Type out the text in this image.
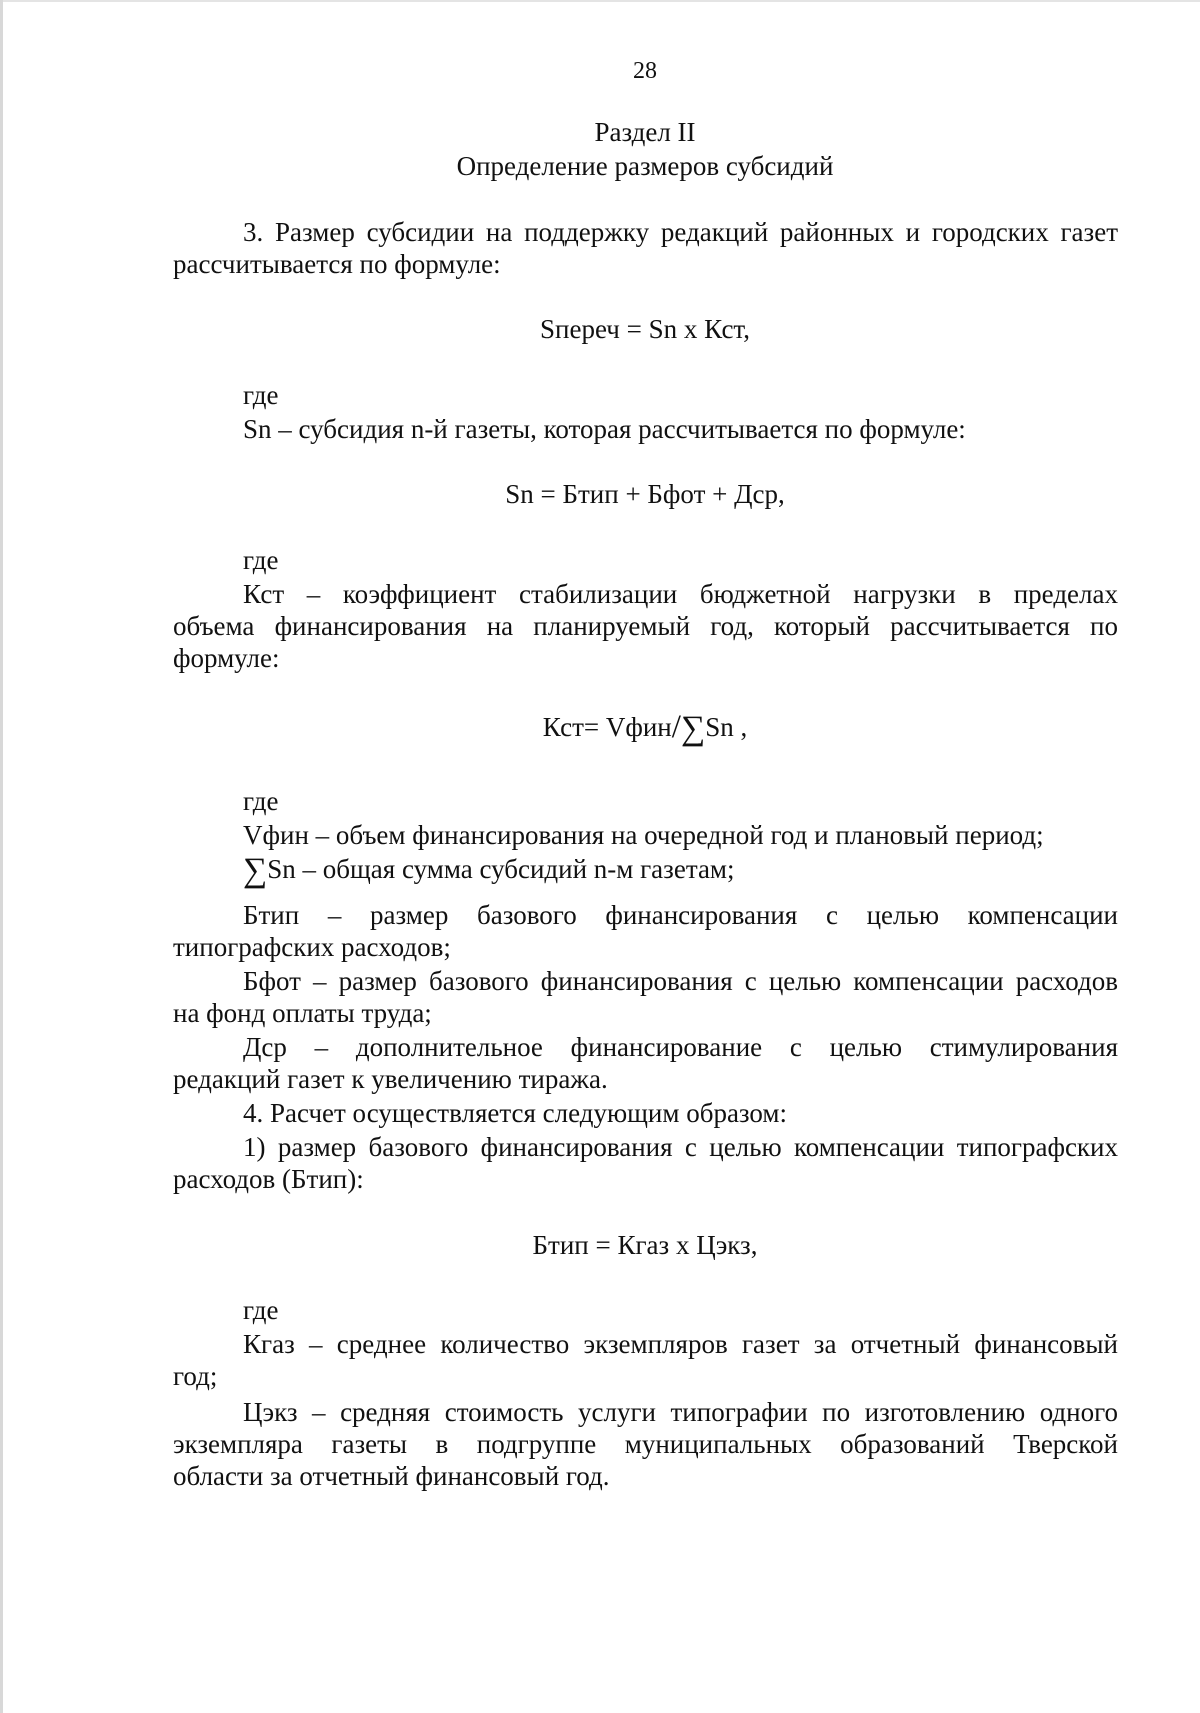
28
Раздел II
Определение размеров субсидий
3. Размер субсидии на поддержку редакций районных и городских газет
рассчитывается по формуле:
Sпереч = Sn x Кст,
где
Sn – субсидия n-й газеты, которая рассчитывается по формуле:
Sn = Бтип + Бфот + Дср,
где
Кст – коэффициент стабилизации бюджетной нагрузки в пределах
объема финансирования на планируемый год, который рассчитывается по
формуле:
Кст= Vфин/∑Sn ,
где
Vфин – объем финансирования на очередной год и плановый период;
∑Sn – общая сумма субсидий n-м газетам;
Бтип – размер базового финансирования с целью компенсации
типографских расходов;
Бфот – размер базового финансирования с целью компенсации расходов
на фонд оплаты труда;
Дср – дополнительное финансирование с целью стимулирования
редакций газет к увеличению тиража.
4. Расчет осуществляется следующим образом:
1) размер базового финансирования с целью компенсации типографских
расходов (Бтип):
Бтип = Кгаз x Цэкз,
где
Кгаз – среднее количество экземпляров газет за отчетный финансовый
год;
Цэкз – средняя стоимость услуги типографии по изготовлению одного
экземпляра газеты в подгруппе муниципальных образований Тверской
области за отчетный финансовый год.
